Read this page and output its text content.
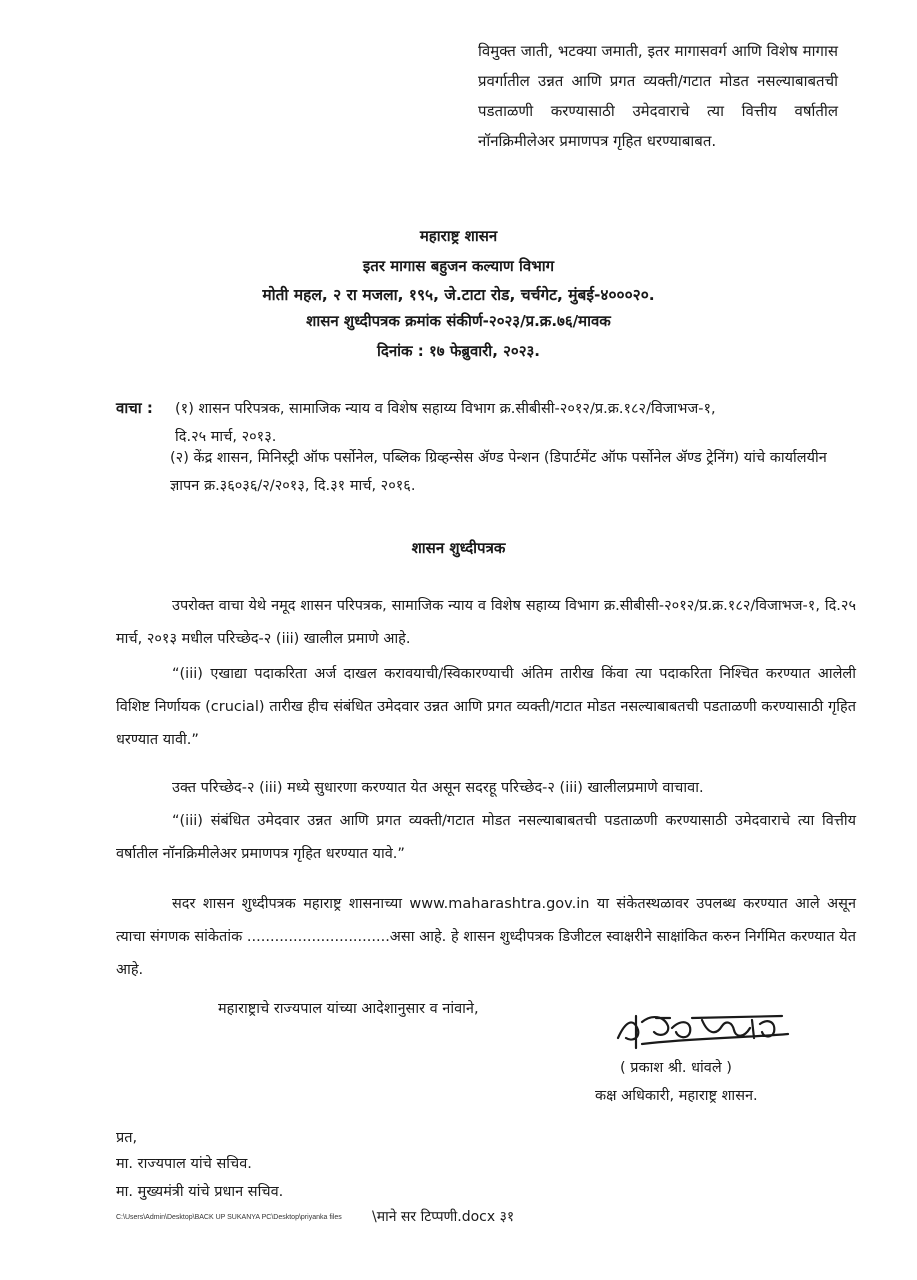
विमुक्त जाती, भटक्या जमाती, इतर मागासवर्ग आणि विशेष मागास प्रवर्गातील उन्नत आणि प्रगत व्यक्ती/गटात मोडत नसल्याबाबतची पडताळणी करण्यासाठी उमेदवाराचे त्या वित्तीय वर्षातील नॉनक्रिमीलेअर प्रमाणपत्र गृहित धरण्याबाबत.
महाराष्ट्र शासन
इतर मागास बहुजन कल्याण विभाग
मोती महल, २ रा मजला, १९५, जे.टाटा रोड, चर्चगेट, मुंबई-४०००२०.
शासन शुध्दीपत्रक क्रमांक संकीर्ण-२०२३/प्र.क्र.७६/मावक
दिनांक : १७ फेब्रुवारी, २०२३.
वाचा : (१) शासन परिपत्रक, सामाजिक न्याय व विशेष सहाय्य विभाग क्र.सीबीसी-२०१२/प्र.क्र.१८२/विजाभज-१,
दि.२५ मार्च, २०१३.
(२) केंद्र शासन, मिनिस्ट्री ऑफ पर्सोनेल, पब्लिक ग्रिव्हन्सेस ॲण्ड पेन्शन (डिपार्टमेंट ऑफ पर्सोनेल ॲण्ड ट्रेनिंग) यांचे कार्यालयीन ज्ञापन क्र.३६०३६/२/२०१३, दि.३१ मार्च, २०१६.
शासन शुध्दीपत्रक
उपरोक्त वाचा येथे नमूद शासन परिपत्रक, सामाजिक न्याय व विशेष सहाय्य विभाग क्र.सीबीसी-२०१२/प्र.क्र.१८२/विजाभज-१, दि.२५ मार्च, २०१३ मधील परिच्छेद-२ (iii) खालील प्रमाणे आहे.
“(iii) एखाद्या पदाकरिता अर्ज दाखल करावयाची/स्विकारण्याची अंतिम तारीख किंवा त्या पदाकरिता निश्चित करण्यात आलेली विशिष्ट निर्णायक (crucial) तारीख हीच संबंधित उमेदवार उन्नत आणि प्रगत व्यक्ती/गटात मोडत नसल्याबाबतची पडताळणी करण्यासाठी गृहित धरण्यात यावी.”
उक्त परिच्छेद-२ (iii) मध्ये सुधारणा करण्यात येत असून सदरहू परिच्छेद-२ (iii) खालीलप्रमाणे वाचावा.
“(iii) संबंधित उमेदवार उन्नत आणि प्रगत व्यक्ती/गटात मोडत नसल्याबाबतची पडताळणी करण्यासाठी उमेदवाराचे त्या वित्तीय वर्षातील नॉनक्रिमीलेअर प्रमाणपत्र गृहित धरण्यात यावे.”
सदर शासन शुध्दीपत्रक महाराष्ट्र शासनाच्या www.maharashtra.gov.in या संकेतस्थळावर उपलब्ध करण्यात आले असून त्याचा संगणक सांकेतांक ...............................असा आहे. हे शासन शुध्दीपत्रक डिजीटल स्वाक्षरीने साक्षांकित करुन निर्गमित करण्यात येत आहे.
महाराष्ट्राचे राज्यपाल यांच्या आदेशानुसार व नांवाने,
( प्रकाश श्री. धांवले )
कक्ष अधिकारी, महाराष्ट्र शासन.
प्रत,
मा. राज्यपाल यांचे सचिव.
मा. मुख्यमंत्री यांचे प्रधान सचिव.
C:\Users\Admin\Desktop\BACK UP SUKANYA PC\Desktop\priyanka files \माने सर टिप्पणी.docx ३१
